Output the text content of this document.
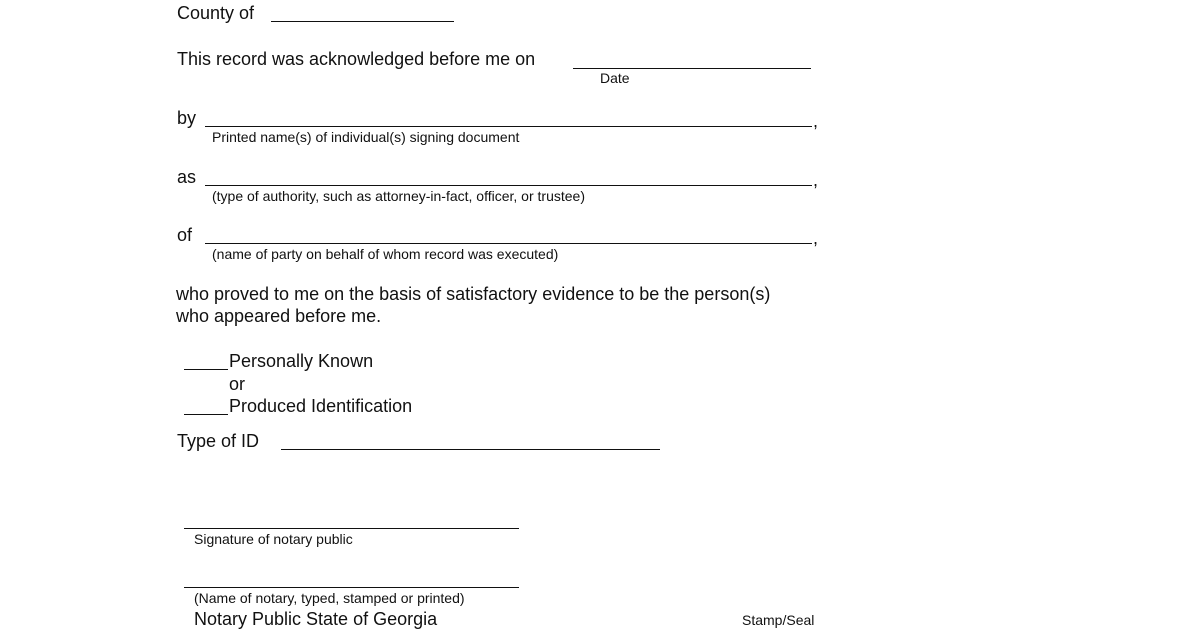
County of
This record was acknowledged before me on
Date
by	,
Printed name(s) of individual(s) signing document
as	,
(type of authority, such as attorney-in-fact, officer, or trustee)
of	,
(name of party on behalf of whom record was executed)
who proved to me on the basis of satisfactory evidence to be the person(s)
who appeared before me.
Personally Known
or
Produced Identification
Type of ID
Signature of notary public
(Name of notary, typed, stamped or printed)
Notary Public State of Georgia	Stamp/Seal
